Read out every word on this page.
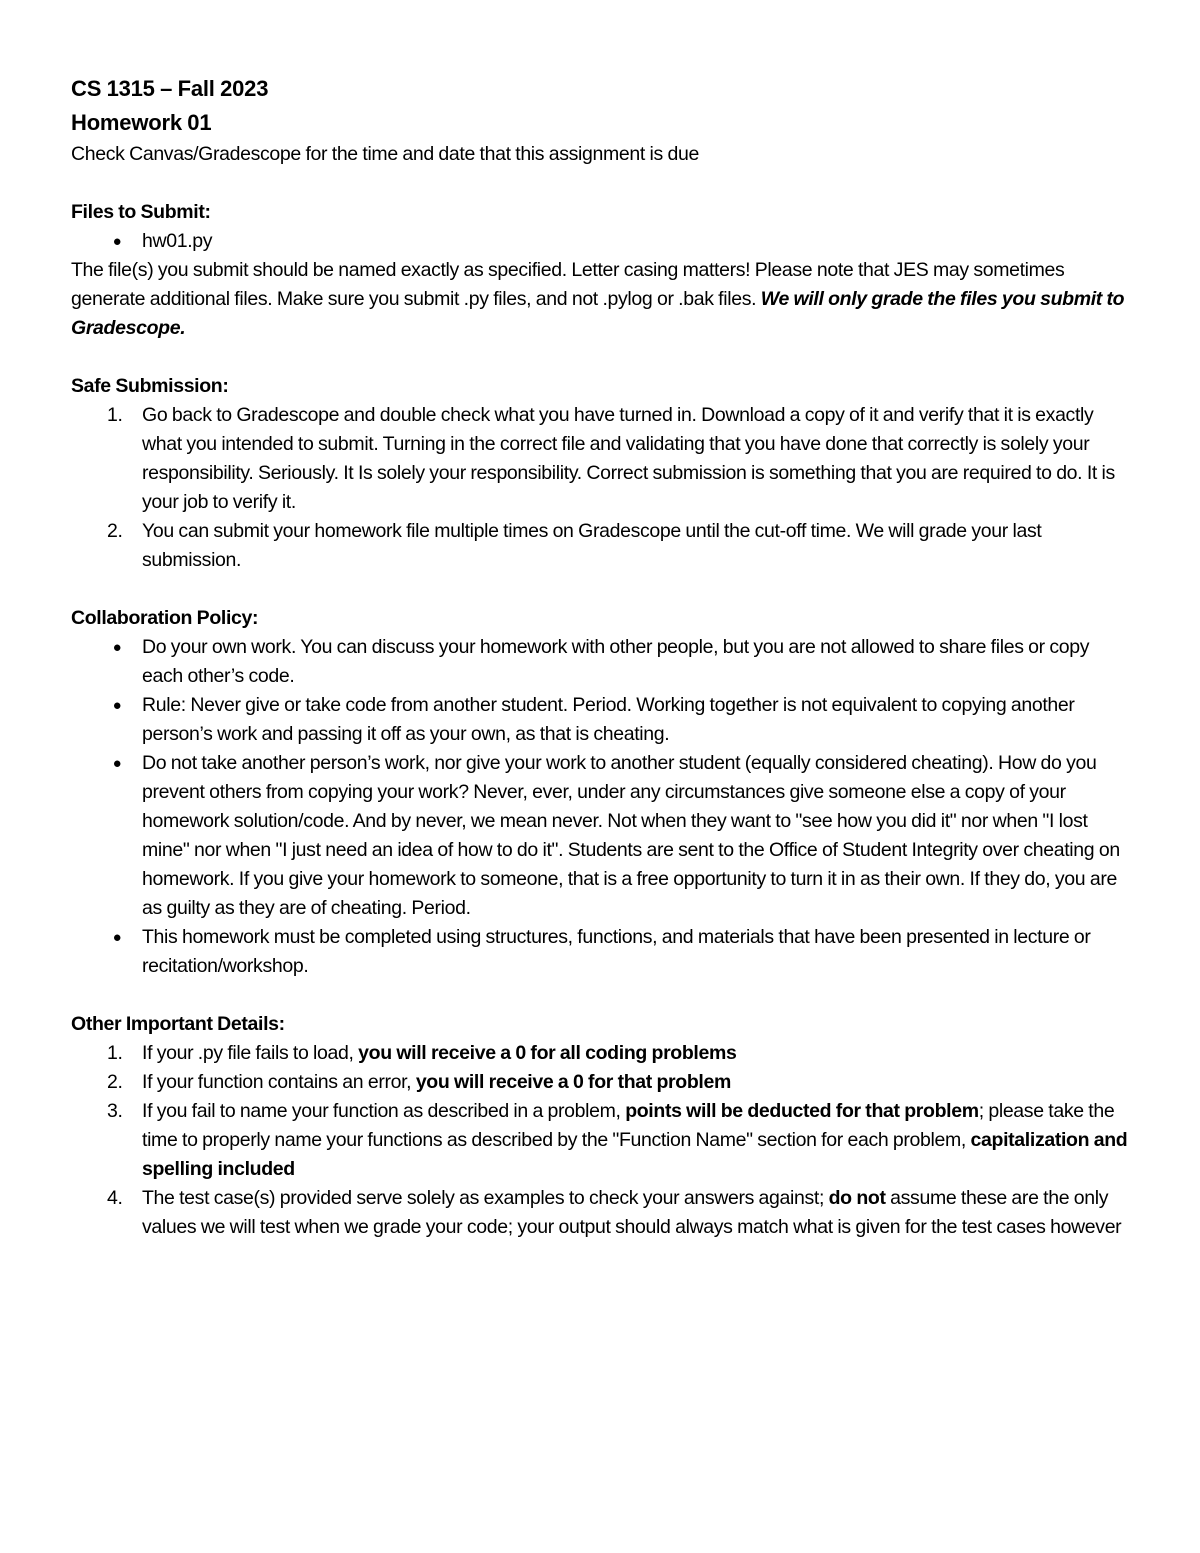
CS 1315 – Fall 2023
Homework 01
Check Canvas/Gradescope for the time and date that this assignment is due
Files to Submit:
● hw01.py

The file(s) you submit should be named exactly as specified. Letter casing matters! Please note that JES may sometimes generate additional files. Make sure you submit .py files, and not .pylog or .bak files. We will only grade the files you submit to Gradescope.

Safe Submission:
1. Go back to Gradescope and double check what you have turned in. Download a copy of it and verify that it is exactly what you intended to submit. Turning in the correct file and validating that you have done that correctly is solely your responsibility. Seriously. It Is solely your responsibility. Correct submission is something that you are required to do. It is your job to verify it.
2. You can submit your homework file multiple times on Gradescope until the cut-off time. We will grade your last submission.
Collaboration Policy:
● Do your own work. You can discuss your homework with other people, but you are not allowed to share files or copy each other’s code.
● Rule: Never give or take code from another student. Period. Working together is not equivalent to copying another person’s work and passing it off as your own, as that is cheating.
● Do not take another person’s work, nor give your work to another student (equally considered cheating). How do you prevent others from copying your work? Never, ever, under any circumstances give someone else a copy of your homework solution/code. And by never, we mean never. Not when they want to "see how you did it" nor when "I lost mine" nor when "I just need an idea of how to do it". Students are sent to the Office of Student Integrity over cheating on homework. If you give your homework to someone, that is a free opportunity to turn it in as their own. If they do, you are as guilty as they are of cheating. Period.
● This homework must be completed using structures, functions, and materials that have been presented in lecture or recitation/workshop.
Other Important Details:
1. If your .py file fails to load, you will receive a 0 for all coding problems
2. If your function contains an error, you will receive a 0 for that problem
3. If you fail to name your function as described in a problem, points will be deducted for that problem; please take the time to properly name your functions as described by the "Function Name" section for each problem, capitalization and spelling included
4. The test case(s) provided serve solely as examples to check your answers against; do not assume these are the only values we will test when we grade your code; your output should always match what is given for the test cases however
